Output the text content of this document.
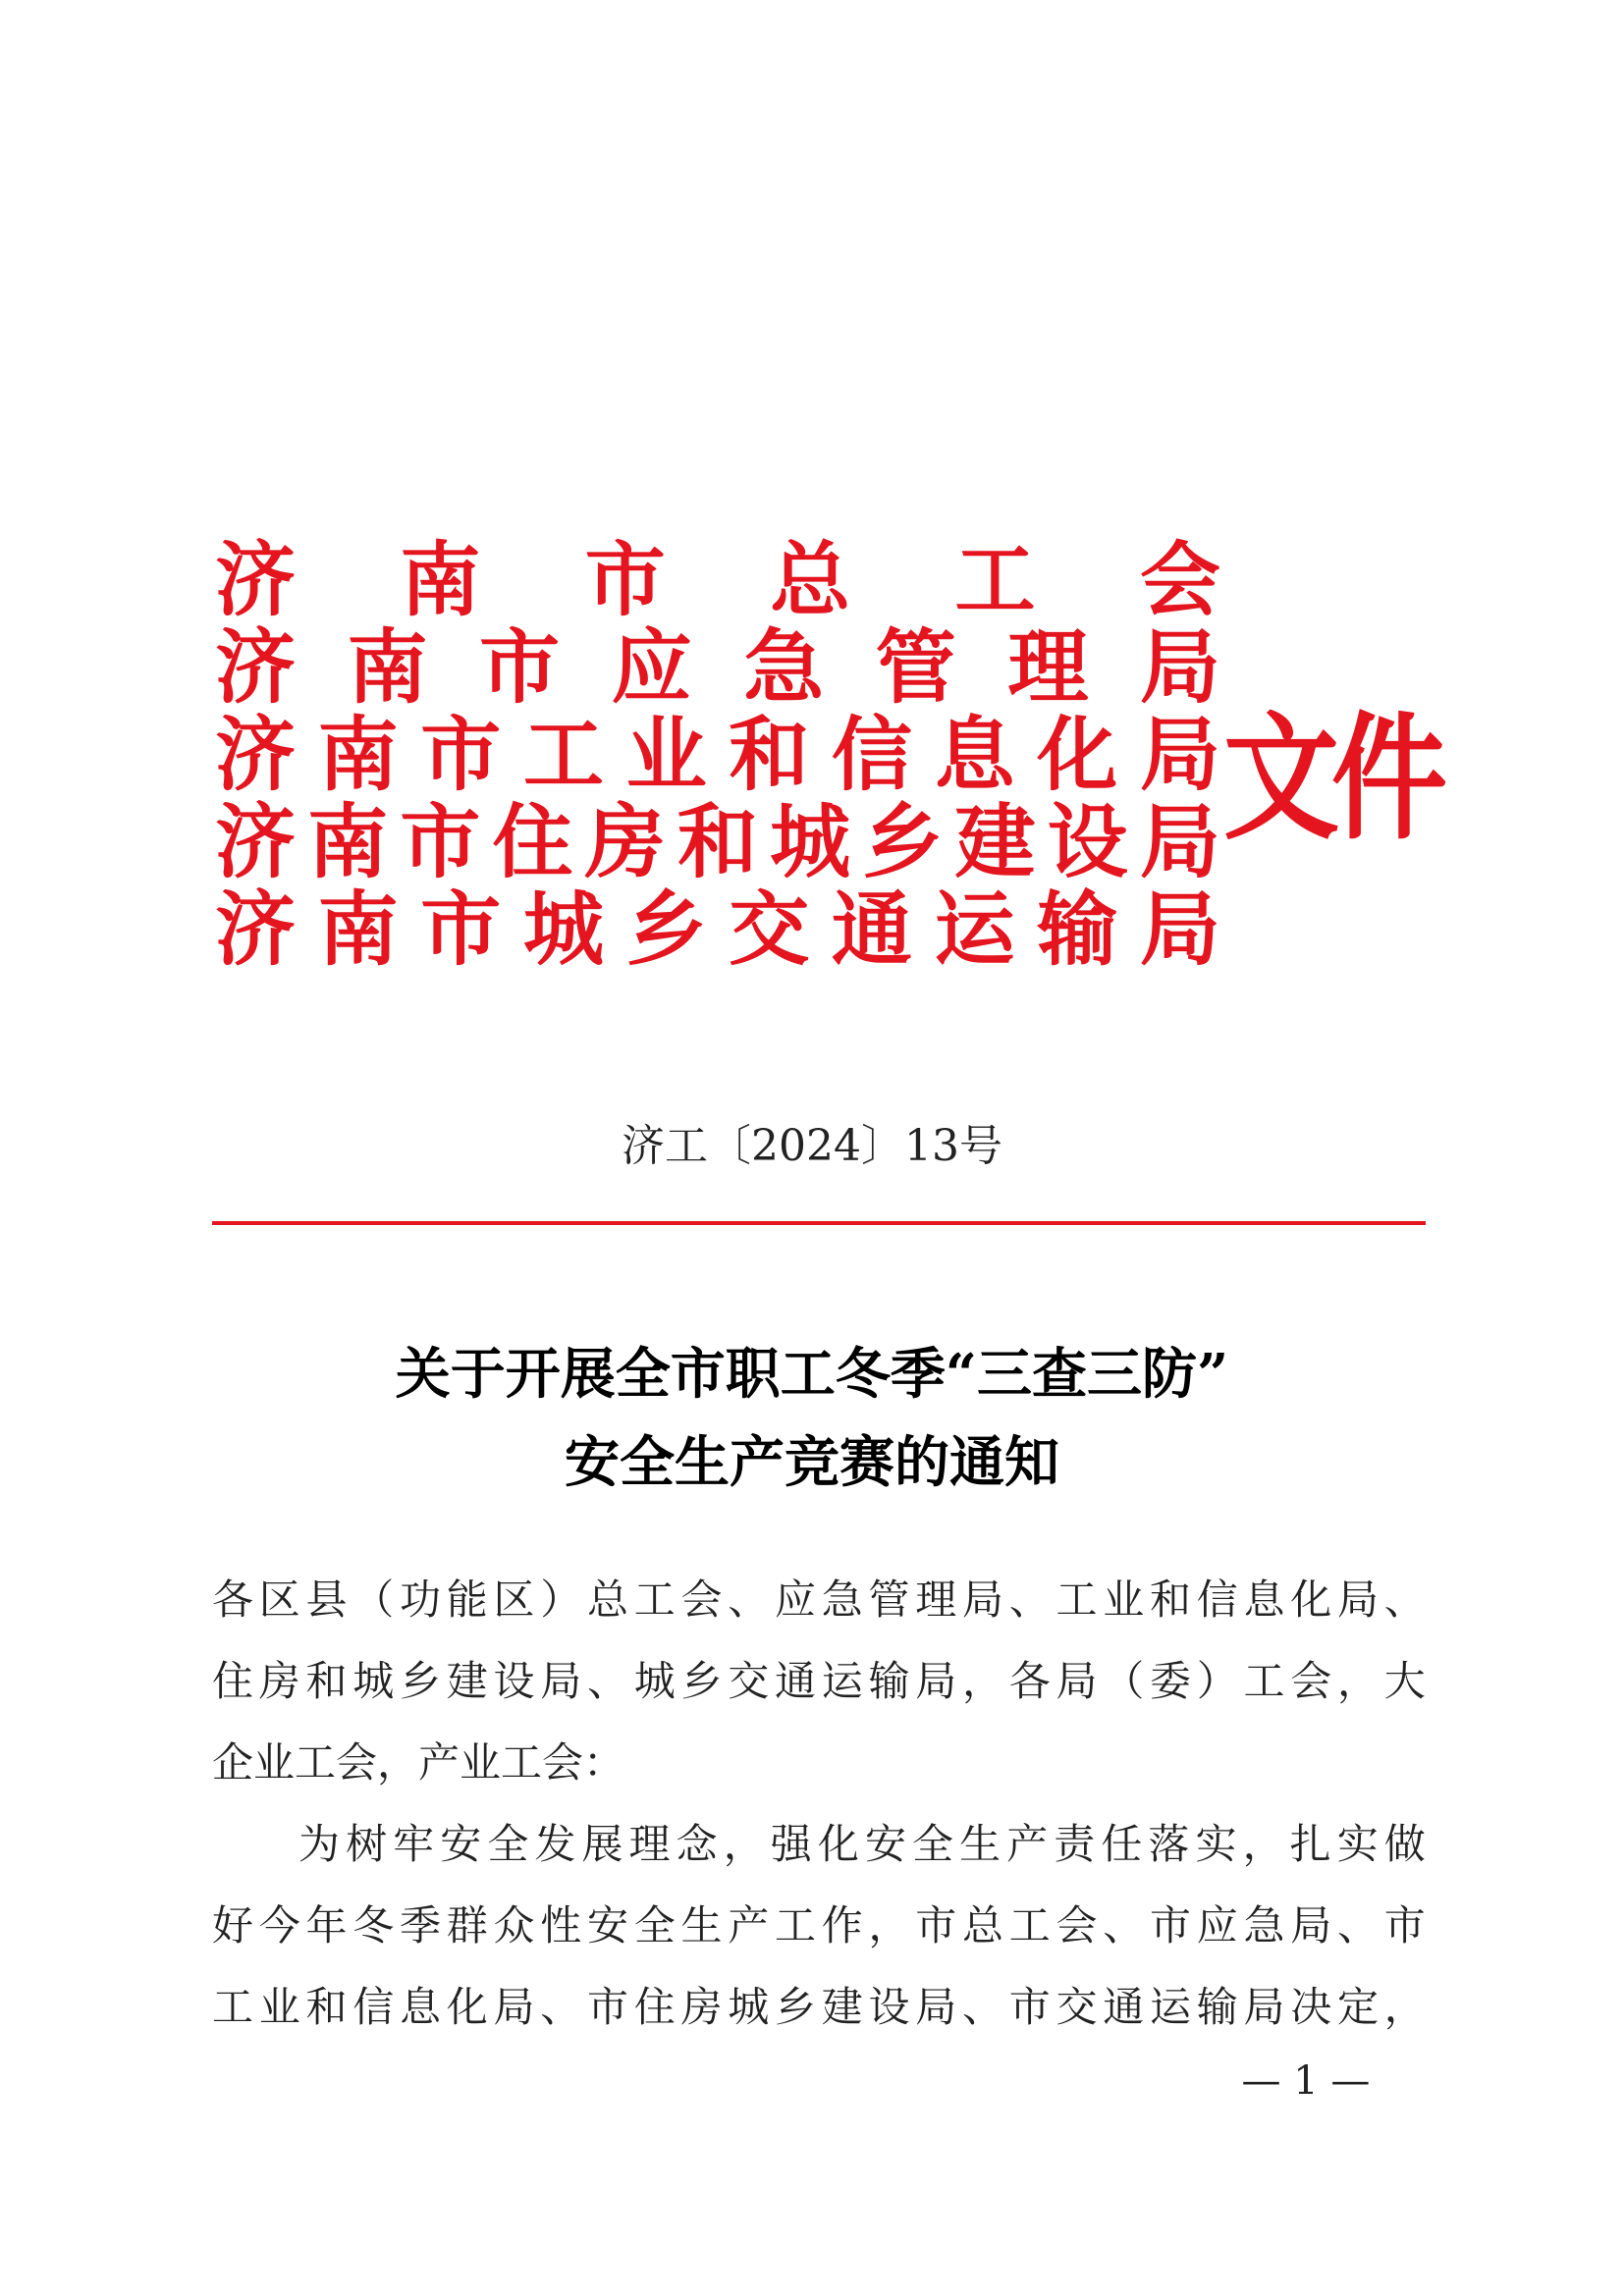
济 南 市 总 工 会
济 南 市 应 急 管 理 局
济 南 市 工 业 和 信 息 化 局
济 南 市 住 房 和 城 乡 建 设 局
济 南 市 城 乡 交 通 运 输 局
文件
济工〔2024〕13号
关于开展全市职工冬季“三查三防”
安全生产竞赛的通知
各 区 县 （ 功 能 区 ） 总 工 会 、 应 急 管 理 局 、 工 业 和 信 息 化 局 、
住 房 和 城 乡 建 设 局 、 城 乡 交 通 运 输 局 ， 各 局 （ 委 ） 工 会 ， 大
企业工会，产业工会：
为 树 牢 安 全 发 展 理 念 ， 强 化 安 全 生 产 责 任 落 实 ， 扎 实 做
好 今 年 冬 季 群 众 性 安 全 生 产 工 作 ， 市 总 工 会 、 市 应 急 局 、 市
工 业 和 信 息 化 局 、 市 住 房 城 乡 建 设 局 、 市 交 通 运 输 局 决 定 ，
— 1 —
